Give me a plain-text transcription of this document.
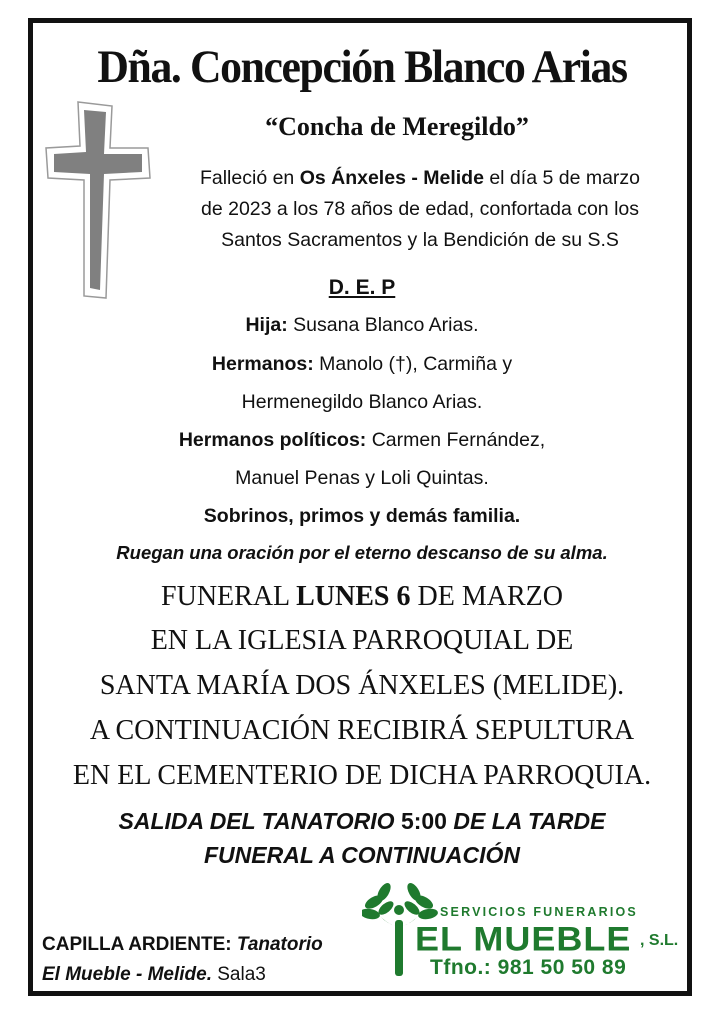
Dña. Concepción Blanco Arias
“Concha de Meregildo”
Falleció en Os Ánxeles - Melide el día 5 de marzo
de 2023 a los 78 años de edad, confortada con los
Santos Sacramentos y la Bendición de su S.S
D. E. P
Hija: Susana Blanco Arias.
Hermanos: Manolo (†), Carmiña y
Hermenegildo Blanco Arias.
Hermanos políticos: Carmen Fernández,
Manuel Penas y Loli Quintas.
Sobrinos, primos y demás familia.
Ruegan una oración por el eterno descanso de su alma.
FUNERAL LUNES 6 DE MARZO
EN LA IGLESIA PARROQUIAL DE
SANTA MARÍA DOS ÁNXELES (MELIDE).
A CONTINUACIÓN RECIBIRÁ SEPULTURA
EN EL CEMENTERIO DE DICHA PARROQUIA.
SALIDA DEL TANATORIO 5:00 DE LA TARDE
FUNERAL A CONTINUACIÓN
CAPILLA ARDIENTE: Tanatorio
El Mueble - Melide. Sala3
SERVICIOS FUNERARIOS
EL MUEBLE , S.L.
Tfno.: 981 50 50 89
